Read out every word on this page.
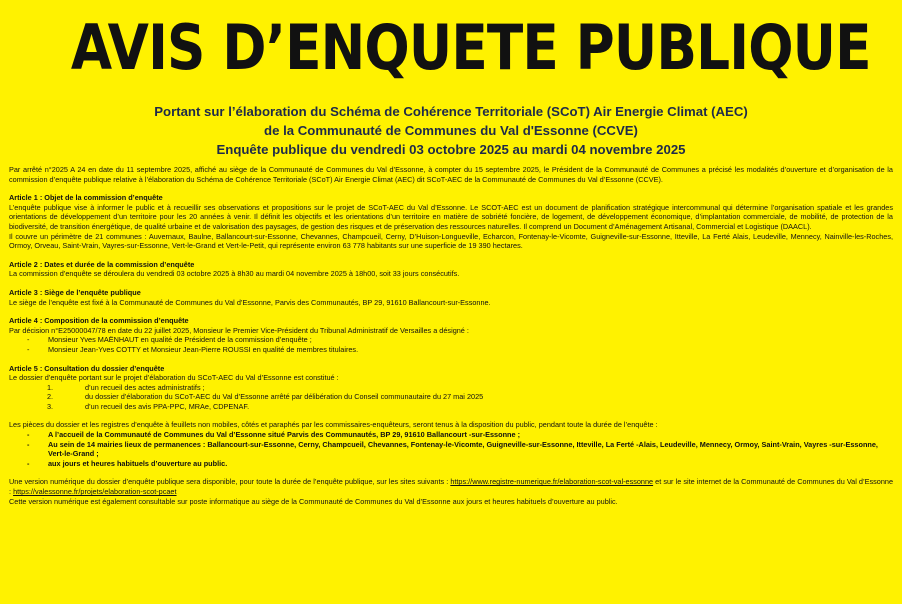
AVIS D’ENQUETE PUBLIQUE
Portant sur l’élaboration du Schéma de Cohérence Territoriale (SCoT) Air Energie Climat (AEC)
de la Communauté de Communes du Val d'Essonne (CCVE)
Enquête publique du vendredi 03 octobre 2025 au mardi 04 novembre 2025

Par arrêté n°2025 A 24 en date du 11 septembre 2025, affiché au siège de la Communauté de Communes du Val d’Essonne, à compter du 15 septembre 2025, le Président de la Communauté de Communes a précisé les modalités d’ouverture et d’organisation de la commission d’enquête publique relative à l’élaboration du Schéma de Cohérence Territoriale (SCoT) Air Energie Climat (AEC) dit SCoT-AEC de la Communauté de Communes du Val d’Essonne (CCVE).

Article 1 : Objet de la commission d’enquête

L’enquête publique vise à informer le public et à recueillir ses observations et propositions sur le projet de SCoT-AEC du Val d’Essonne. Le SCOT-AEC est un document de planification stratégique intercommunal qui détermine l’organisation spatiale et les grandes orientations de développement d’un territoire pour les 20 années à venir. Il définit les objectifs et les orientations d’un territoire en matière de sobriété foncière, de logement, de développement économique, d’implantation commerciale, de mobilité, de protection de la biodiversité, de transition énergétique, de qualité urbaine et de valorisation des paysages, de gestion des risques et de préservation des ressources naturelles. Il comprend un Document d’Aménagement Artisanal, Commercial et Logistique (DAACL).

Il couvre un périmètre de 21 communes : Auvernaux, Baulne, Ballancourt-sur-Essonne, Chevannes, Champcueil, Cerny, D’Huison-Longueville, Echarcon, Fontenay-le-Vicomte, Guigneville-sur-Essonne, Itteville, La Ferté Alais, Leudeville, Mennecy, Nainville-les-Roches, Ormoy, Orveau, Saint-Vrain, Vayres-sur-Essonne, Vert-le-Grand et Vert-le-Petit, qui représente environ 63 778 habitants sur une superficie de 19 390 hectares.

Article 2 : Dates et durée de la commission d’enquête

La commission d’enquête se déroulera du vendredi 03 octobre 2025 à 8h30 au mardi 04 novembre 2025 à 18h00, soit 33 jours consécutifs.

Article 3 : Siège de l’enquête publique

Le siège de l’enquête est fixé à la Communauté de Communes du Val d’Essonne, Parvis des Communautés, BP 29, 91610 Ballancourt-sur-Essonne.

Article 4 : Composition de la commission d’enquête

Par décision n°E25000047/78 en date du 22 juillet 2025, Monsieur le Premier Vice-Président du Tribunal Administratif de Versailles a désigné :

- Monsieur Yves MAËNHAUT en qualité de Président de la commission d’enquête ;
- Monsieur Jean-Yves COTTY et Monsieur Jean-Pierre ROUSSI en qualité de membres titulaires.
Article 5 : Consultation du dossier d’enquête

Le dossier d’enquête portant sur le projet d’élaboration du SCoT-AEC du Val d’Essonne est constitué :

1.	d’un recueil des actes administratifs ;
2.	du dossier d’élaboration du SCoT-AEC du Val d’Essonne arrêté par délibération du Conseil communautaire du 27 mai 2025
3.	d’un recueil des avis PPA-PPC, MRAe, CDPENAF.

Les pièces du dossier et les registres d’enquête à feuillets non mobiles, côtés et paraphés par les commissaires-enquêteurs, seront tenus à la disposition du public, pendant toute la durée de l’enquête :

- A l’accueil de la Communauté de Communes du Val d’Essonne situé Parvis des Communautés, BP 29, 91610 Ballancourt -sur-Essonne ;
- Au sein de 14 mairies lieux de permanences : Ballancourt-sur-Essonne, Cerny, Champcueil, Chevannes, Fontenay-le-Vicomte, Guigneville-sur-Essonne, Itteville, La Ferté -Alais, Leudeville, Mennecy, Ormoy, Saint-Vrain, Vayres -sur-Essonne, Vert-le-Grand ;
- aux jours et heures habituels d’ouverture au public.

Une version numérique du dossier d’enquête publique sera disponible, pour toute la durée de l’enquête publique, sur les sites suivants : https://www.registre-numerique.fr/elaboration-scot-val-essonne et sur le site internet de la Communauté de Communes du Val d’Essonne : https://valessonne.fr/projets/elaboration-scot-pcaet

Cette version numérique est également consultable sur poste informatique au siège de la Communauté de Communes du Val d’Essonne aux jours et heures habituels d’ouverture au public.
